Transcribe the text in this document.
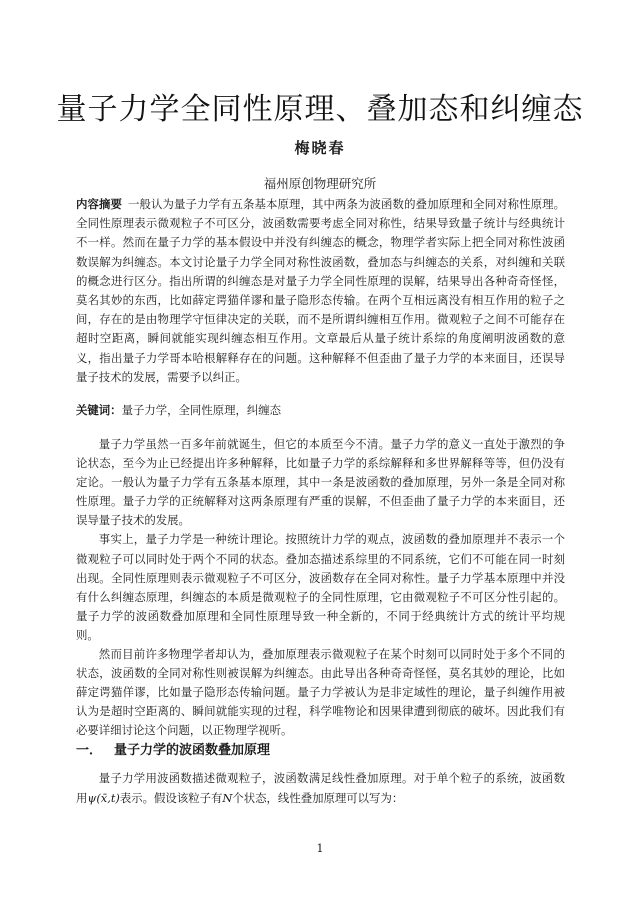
量子力学全同性原理、叠加态和纠缠态
梅晓春
福州原创物理研究所
内容摘要 一般认为量子力学有五条基本原理，其中两条为波函数的叠加原理和全同对称性原理。全同性原理表示微观粒子不可区分，波函数需要考虑全同对称性，结果导致量子统计与经典统计不一样。然而在量子力学的基本假设中并没有纠缠态的概念，物理学者实际上把全同对称性波函数误解为纠缠态。本文讨论量子力学全同对称性波函数，叠加态与纠缠态的关系，对纠缠和关联的概念进行区分。指出所谓的纠缠态是对量子力学全同性原理的误解，结果导出各种奇奇怪怪，莫名其妙的东西，比如薛定谔猫佯谬和量子隐形态传输。在两个互相远离没有相互作用的粒子之间，存在的是由物理学守恒律决定的关联，而不是所谓纠缠相互作用。微观粒子之间不可能存在超时空距离，瞬间就能实现纠缠态相互作用。文章最后从量子统计系综的角度阐明波函数的意义，指出量子力学哥本哈根解释存在的问题。这种解释不但歪曲了量子力学的本来面目，还误导量子技术的发展，需要予以纠正。
关键词：量子力学，全同性原理，纠缠态

量子力学虽然一百多年前就诞生，但它的本质至今不清。量子力学的意义一直处于激烈的争论状态，至今为止已经提出许多种解释，比如量子力学的系综解释和多世界解释等等，但仍没有定论。一般认为量子力学有五条基本原理，其中一条是波函数的叠加原理，另外一条是全同对称性原理。量子力学的正统解释对这两条原理有严重的误解，不但歪曲了量子力学的本来面目，还误导量子技术的发展。

事实上，量子力学是一种统计理论。按照统计力学的观点，波函数的叠加原理并不表示一个微观粒子可以同时处于两个不同的状态。叠加态描述系综里的不同系统，它们不可能在同一时刻出现。全同性原理则表示微观粒子不可区分，波函数存在全同对称性。量子力学基本原理中并没有什么纠缠态原理，纠缠态的本质是微观粒子的全同性原理，它由微观粒子不可区分性引起的。量子力学的波函数叠加原理和全同性原理导致一种全新的，不同于经典统计方式的统计平均规则。

然而目前许多物理学者却认为，叠加原理表示微观粒子在某个时刻可以同时处于多个不同的状态，波函数的全同对称性则被误解为纠缠态。由此导出各种奇奇怪怪，莫名其妙的理论，比如薛定谔猫佯谬，比如量子隐形态传输问题。量子力学被认为是非定域性的理论，量子纠缠作用被认为是超时空距离的、瞬间就能实现的过程，科学唯物论和因果律遭到彻底的破坏。因此我们有必要详细讨论这个问题，以正物理学视听。

一． 量子力学的波函数叠加原理

量子力学用波函数描述微观粒子，波函数满足线性叠加原理。对于单个粒子的系统，波函数用ψ(x̄,t)表示。假设该粒子有N个状态，线性叠加原理可以写为：

1
